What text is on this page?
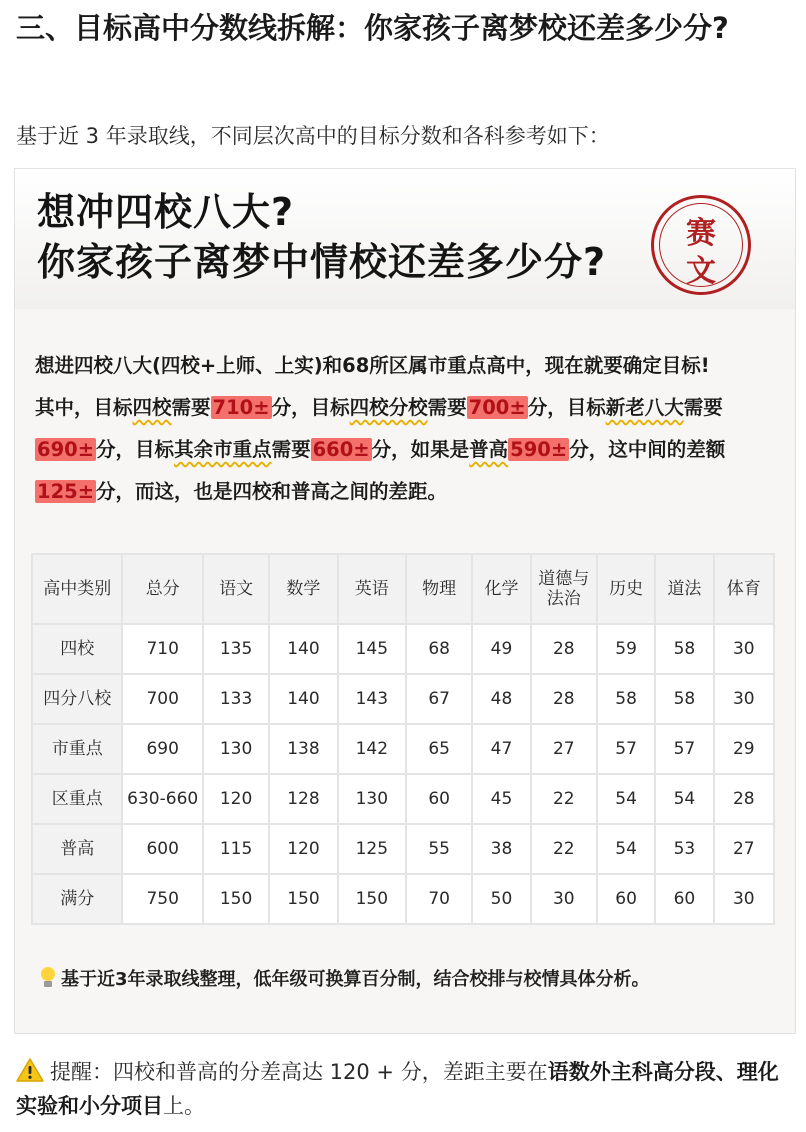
三、目标高中分数线拆解：你家孩子离梦校还差多少分?
基于近 3 年录取线，不同层次高中的目标分数和各科参考如下：
想冲四校八大?
你家孩子离梦中情校还差多少分?
赛
文
想进四校八大(四校+上师、上实)和68所区属市重点高中，现在就要确定目标!
其中，目标四校需要 710± 分，目标四校分校需要 700± 分，目标新老八大需要
690± 分，目标其余市重点需要 660± 分，如果是普高 590± 分，这中间的差额
125± 分，而这，也是四校和普高之间的差距。
高中类别	总分	语文	数学	英语	物理	化学	道德与法治	历史	道法	体育
四校	710	135	140	145	68	49	28	59	58	30
四分八校	700	133	140	143	67	48	28	58	58	30
市重点	690	130	138	142	65	47	27	57	57	29
区重点	630-660	120	128	130	60	45	22	54	54	28
普高	600	115	120	125	55	38	22	54	53	27
满分	750	150	150	150	70	50	30	60	60	30
基于近3年录取线整理，低年级可换算百分制，结合校排与校情具体分析。
提醒：四校和普高的分差高达 120 + 分，差距主要在语数外主科高分段、理化实验和小分项目上。
